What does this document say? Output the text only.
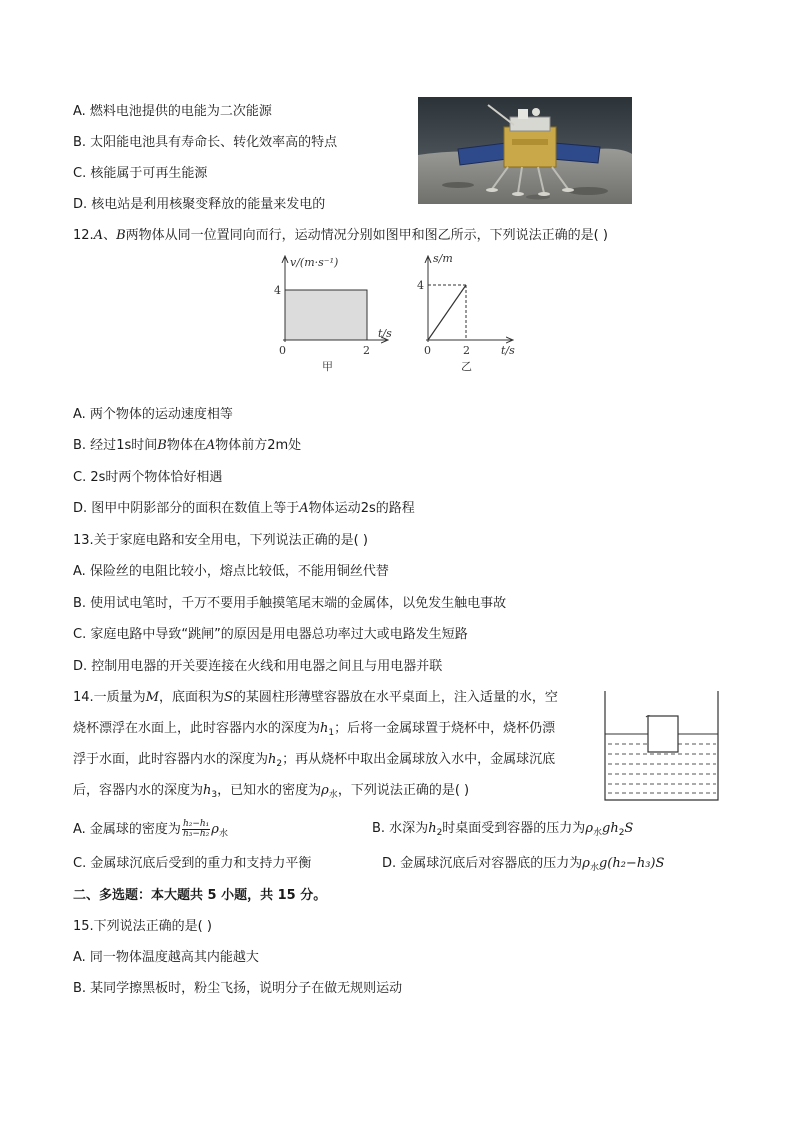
A. 燃料电池提供的电能为二次能源
B. 太阳能电池具有寿命长、转化效率高的特点
C. 核能属于可再生能源
D. 核电站是利用核聚变释放的能量来发电的
12.A、B两物体从同一位置同向而行，运动情况分别如图甲和图乙所示，下列说法正确的是( )
v/(m·s⁻¹)
4
0	2
t/s
甲
s/m
4
0	2	t/s
乙
A. 两个物体的运动速度相等
B. 经过1s时间B物体在A物体前方2m处
C. 2s时两个物体恰好相遇
D. 图甲中阴影部分的面积在数值上等于A物体运动2s的路程
13.关于家庭电路和安全用电，下列说法正确的是( )
A. 保险丝的电阻比较小，熔点比较低，不能用铜丝代替
B. 使用试电笔时，千万不要用手触摸笔尾末端的金属体，以免发生触电事故
C. 家庭电路中导致“跳闸”的原因是用电器总功率过大或电路发生短路
D. 控制用电器的开关要连接在火线和用电器之间且与用电器并联
14.一质量为M，底面积为S的某圆柱形薄壁容器放在水平桌面上，注入适量的水，空
烧杯漂浮在水面上，此时容器内水的深度为$h_1$；后将一金属球置于烧杯中，烧杯仍漂
浮于水面，此时容器内水的深度为$h_2$；再从烧杯中取出金属球放入水中，金属球沉底
后，容器内水的深度为$h_3$，已知水的密度为$\rho_水$，下列说法正确的是( )
A. 金属球的密度为 $\frac{\text{h₂−h₁}}{\text{h₃−h₂}} \rho_水$	B. 水深为$h_2$时桌面受到容器的压力为$\rho_水gh_2S$
C. 金属球沉底后受到的重力和支持力平衡	D. 金属球沉底后对容器底的压力为$\rho_水g(h_2-h_3)S$
二、多选题：本大题共 5 小题，共 15 分。
15.下列说法正确的是( )
A. 同一物体温度越高其内能越大
B. 某同学擦黑板时，粉尘飞扬，说明分子在做无规则运动
